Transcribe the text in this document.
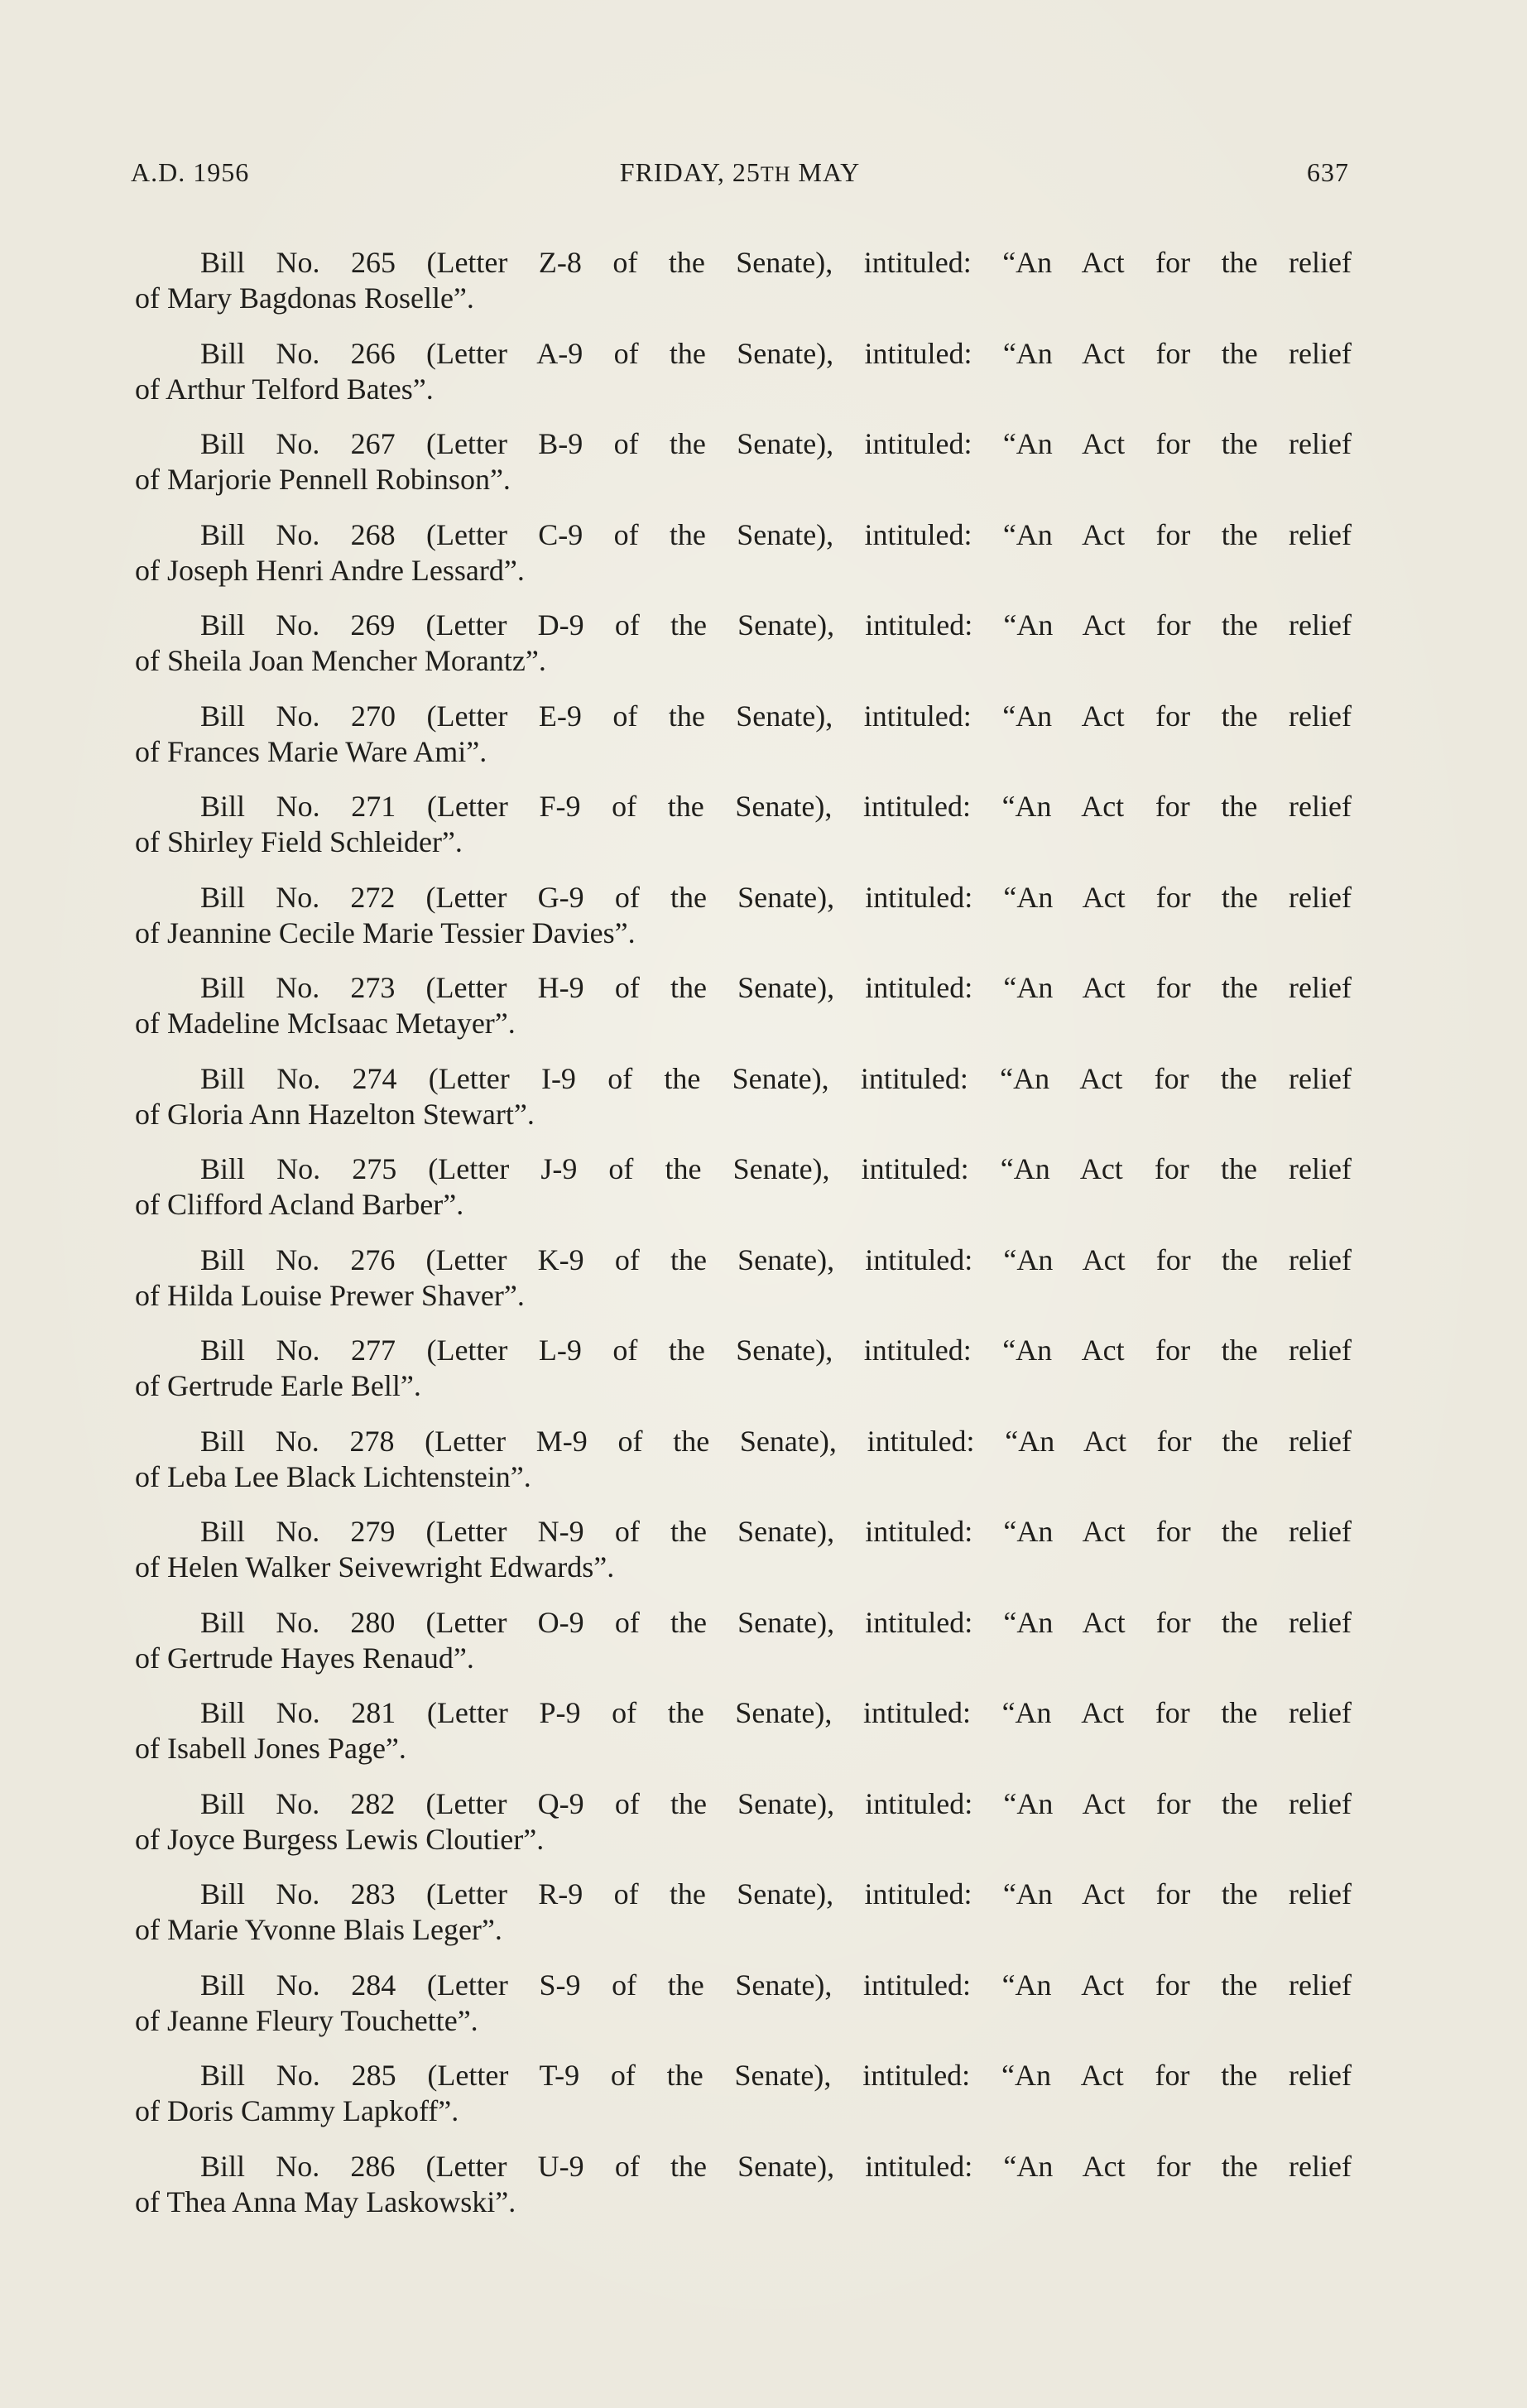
A.D. 1956	FRIDAY, 25TH MAY	637
Bill No. 265 (Letter Z-8 of the Senate), intituled: “An Act for the relief
of Mary Bagdonas Roselle”.
Bill No. 266 (Letter A-9 of the Senate), intituled: “An Act for the relief
of Arthur Telford Bates”.
Bill No. 267 (Letter B-9 of the Senate), intituled: “An Act for the relief
of Marjorie Pennell Robinson”.
Bill No. 268 (Letter C-9 of the Senate), intituled: “An Act for the relief
of Joseph Henri Andre Lessard”.
Bill No. 269 (Letter D-9 of the Senate), intituled: “An Act for the relief
of Sheila Joan Mencher Morantz”.
Bill No. 270 (Letter E-9 of the Senate), intituled: “An Act for the relief
of Frances Marie Ware Ami”.
Bill No. 271 (Letter F-9 of the Senate), intituled: “An Act for the relief
of Shirley Field Schleider”.
Bill No. 272 (Letter G-9 of the Senate), intituled: “An Act for the relief
of Jeannine Cecile Marie Tessier Davies”.
Bill No. 273 (Letter H-9 of the Senate), intituled: “An Act for the relief
of Madeline McIsaac Metayer”.
Bill No. 274 (Letter I-9 of the Senate), intituled: “An Act for the relief
of Gloria Ann Hazelton Stewart”.
Bill No. 275 (Letter J-9 of the Senate), intituled: “An Act for the relief
of Clifford Acland Barber”.
Bill No. 276 (Letter K-9 of the Senate), intituled: “An Act for the relief
of Hilda Louise Prewer Shaver”.
Bill No. 277 (Letter L-9 of the Senate), intituled: “An Act for the relief
of Gertrude Earle Bell”.
Bill No. 278 (Letter M-9 of the Senate), intituled: “An Act for the relief
of Leba Lee Black Lichtenstein”.
Bill No. 279 (Letter N-9 of the Senate), intituled: “An Act for the relief
of Helen Walker Seivewright Edwards”.
Bill No. 280 (Letter O-9 of the Senate), intituled: “An Act for the relief
of Gertrude Hayes Renaud”.
Bill No. 281 (Letter P-9 of the Senate), intituled: “An Act for the relief
of Isabell Jones Page”.
Bill No. 282 (Letter Q-9 of the Senate), intituled: “An Act for the relief
of Joyce Burgess Lewis Cloutier”.
Bill No. 283 (Letter R-9 of the Senate), intituled: “An Act for the relief
of Marie Yvonne Blais Leger”.
Bill No. 284 (Letter S-9 of the Senate), intituled: “An Act for the relief
of Jeanne Fleury Touchette”.
Bill No. 285 (Letter T-9 of the Senate), intituled: “An Act for the relief
of Doris Cammy Lapkoff”.
Bill No. 286 (Letter U-9 of the Senate), intituled: “An Act for the relief
of Thea Anna May Laskowski”.
